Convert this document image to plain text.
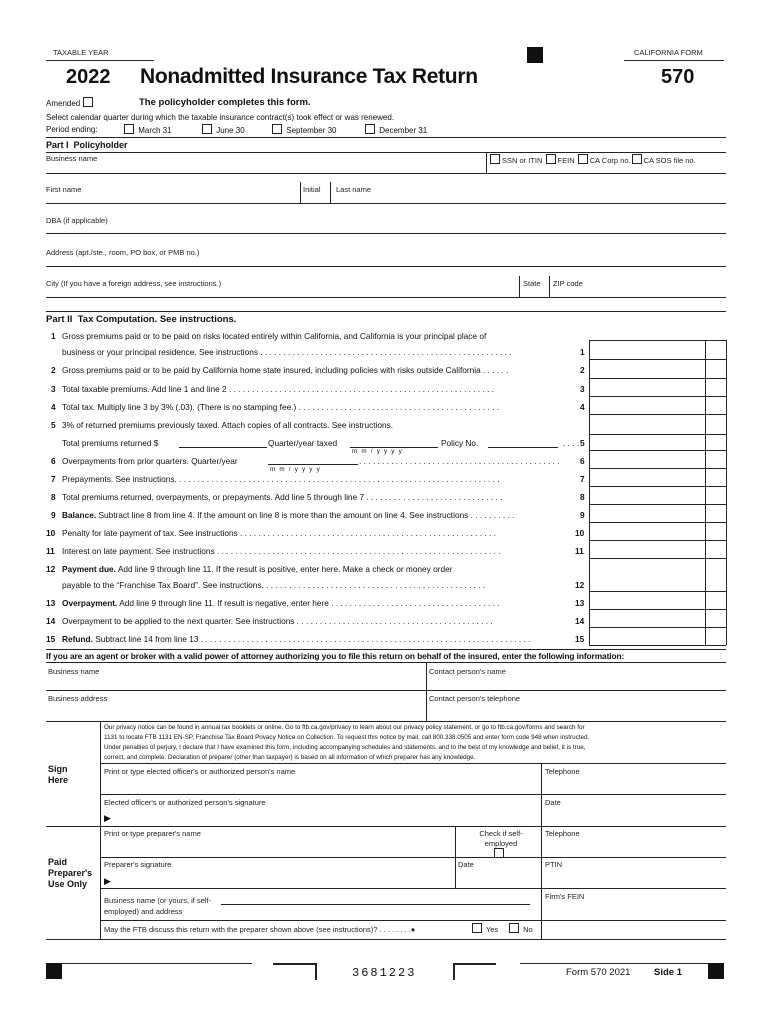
TAXABLE YEAR	CALIFORNIA FORM
2022 Nonadmitted Insurance Tax Return	570
Amended	The policyholder completes this form.
Select calendar quarter during which the taxable insurance contract(s) took effect or was renewed.
Period ending:	March 31	June 30	September 30	December 31
Part I Policyholder
Business name	SSN or ITIN FEIN CA Corp no. CA SOS file no.
First name	Initial Last name
DBA (if applicable)
Address (apt./ste., room, PO box, or PMB no.)
City (If you have a foreign address, see instructions.)	State ZIP code
Part II Tax Computation. See instructions.
1 Gross premiums paid or to be paid on risks located entirely within California, and California is your principal place of
business or your principal residence. See instructions . . . . . . . . . . . . . . . . . . . . . . . . . . . . . . . . . . . . . . . . . . . . . . . . . . . . . . .	1
2 Gross premiums paid or to be paid by California home state insured, including policies with risks outside California . . . . . .	2
3 Total taxable premiums. Add line 1 and line 2 . . . . . . . . . . . . . . . . . . . . . . . . . . . . . . . . . . . . . . . . . . . . . . . . . . . . . . . . . .	3
4 Total tax. Multiply line 3 by 3% (.03). (There is no stamping fee.) . . . . . . . . . . . . . . . . . . . . . . . . . . . . . . . . . . . . . . . . . . . .	4
5 3% of returned premiums previously taxed. Attach copies of all contracts. See instructions.
Total premiums returned $	Quarter/year taxed	Policy No.	. . . . 5
m m / y y y y
6 Overpayments from prior quarters. Quarter/year	. . . . . . . . . . . . . . . . . . . . . . . . . . . . . . . . . . . . . . . . . . . .	6
m m / y y y y
7 Prepayments. See instructions. . . . . . . . . . . . . . . . . . . . . . . . . . . . . . . . . . . . . . . . . . . . . . . . . . . . . . . . . . . . . . . . . . . . . . .	7
8 Total premiums returned, overpayments, or prepayments. Add line 5 through line 7 . . . . . . . . . . . . . . . . . . . . . . . . . . . . . .	8
9 Balance. Subtract line 8 from line 4. If the amount on line 8 is more than the amount on line 4. See instructions . . . . . . . . . .	9
10 Penalty for late payment of tax. See instructions . . . . . . . . . . . . . . . . . . . . . . . . . . . . . . . . . . . . . . . . . . . . . . . . . . . . . . . .	10
11 Interest on late payment. See instructions . . . . . . . . . . . . . . . . . . . . . . . . . . . . . . . . . . . . . . . . . . . . . . . . . . . . . . . . . . . . . .	11
12 Payment due. Add line 9 through line 11. If the result is positive, enter here. Make a check or money order
payable to the “Franchise Tax Board”. See instructions. . . . . . . . . . . . . . . . . . . . . . . . . . . . . . . . . . . . . . . . . . . . . . . . .	12
13 Overpayment. Add line 9 through line 11. If result is negative, enter here . . . . . . . . . . . . . . . . . . . . . . . . . . . . . . . . . . . . .	13
14 Overpayment to be applied to the next quarter. See instructions . . . . . . . . . . . . . . . . . . . . . . . . . . . . . . . . . . . . . . . . . . .	14
15 Refund. Subtract line 14 from line 13 . . . . . . . . . . . . . . . . . . . . . . . . . . . . . . . . . . . . . . . . . . . . . . . . . . . . . . . . . . . . . . . . . . . . . . . .	15
If you are an agent or broker with a valid power of attorney authorizing you to file this return on behalf of the insured, enter the following information:
Business name	Contact person's name
Business address	Contact person's telephone
Our privacy notice can be found in annual tax booklets or online. Go to ftb.ca.gov/privacy to learn about our privacy policy statement, or go to ftb.ca.gov/forms and search for
1131 to locate FTB 1131 EN-SP, Franchise Tax Board Privacy Notice on Collection. To request this notice by mail, call 800.338.0505 and enter form code 948 when instructed.
Under penalties of perjury, I declare that I have examined this form, including accompanying schedules and statements, and to the best of my knowledge and belief, it is true,
correct, and complete. Declaration of preparer (other than taxpayer) is based on all information of which preparer has any knowledge.
Sign Here
Print or type elected officer's or authorized person's name	Telephone
Elected officer's or authorized person's signature	Date
▶
Print or type preparer's name	Check if self-employed
Telephone
Paid Preparer's Use Only
Preparer's signature	Date	PTIN
▶
Firm's FEIN
Business name (or yours, if self-employed) and address
May the FTB discuss this return with the preparer shown above (see instructions)? . . . . . . . .●	Yes	No
3681223	Form 570 2021 Side 1
